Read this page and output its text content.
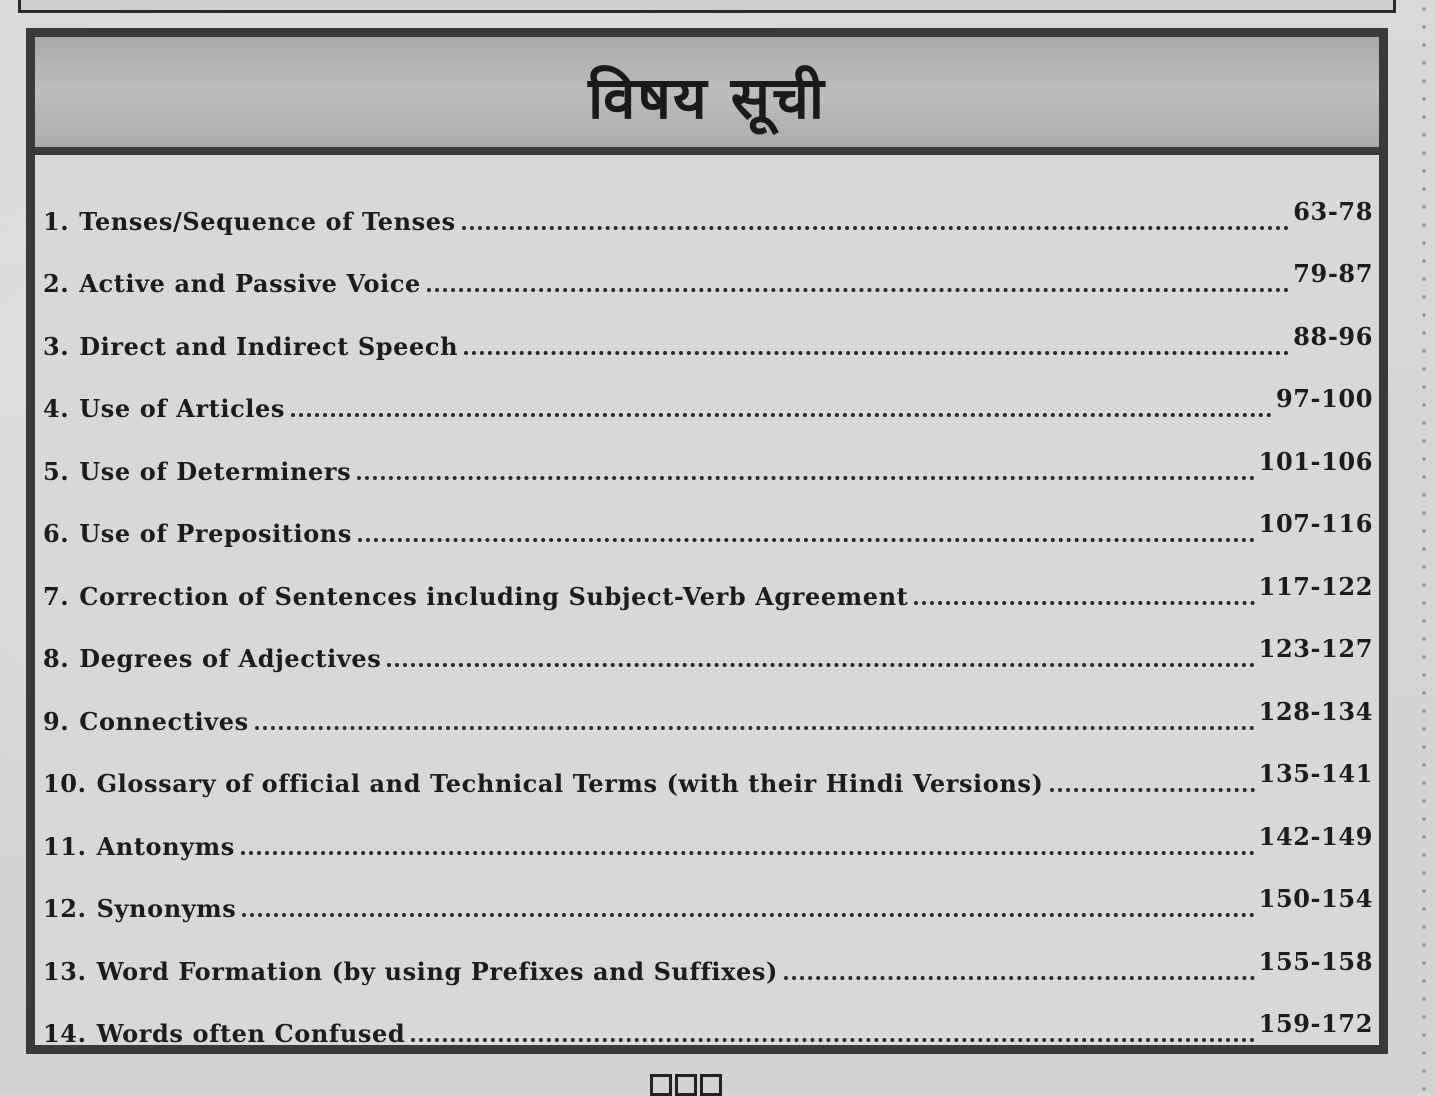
विषय सूची
1. Tenses/Sequence of Tenses	63-78
2. Active and Passive Voice	79-87
3. Direct and Indirect Speech	88-96
4. Use of Articles	97-100
5. Use of Determiners	101-106
6. Use of Prepositions	107-116
7. Correction of Sentences including Subject-Verb Agreement	117-122
8. Degrees of Adjectives	123-127
9. Connectives	128-134
10. Glossary of official and Technical Terms (with their Hindi Versions)	135-141
11. Antonyms	142-149
12. Synonyms	150-154
13. Word Formation (by using Prefixes and Suffixes)	155-158
14. Words often Confused	159-172
